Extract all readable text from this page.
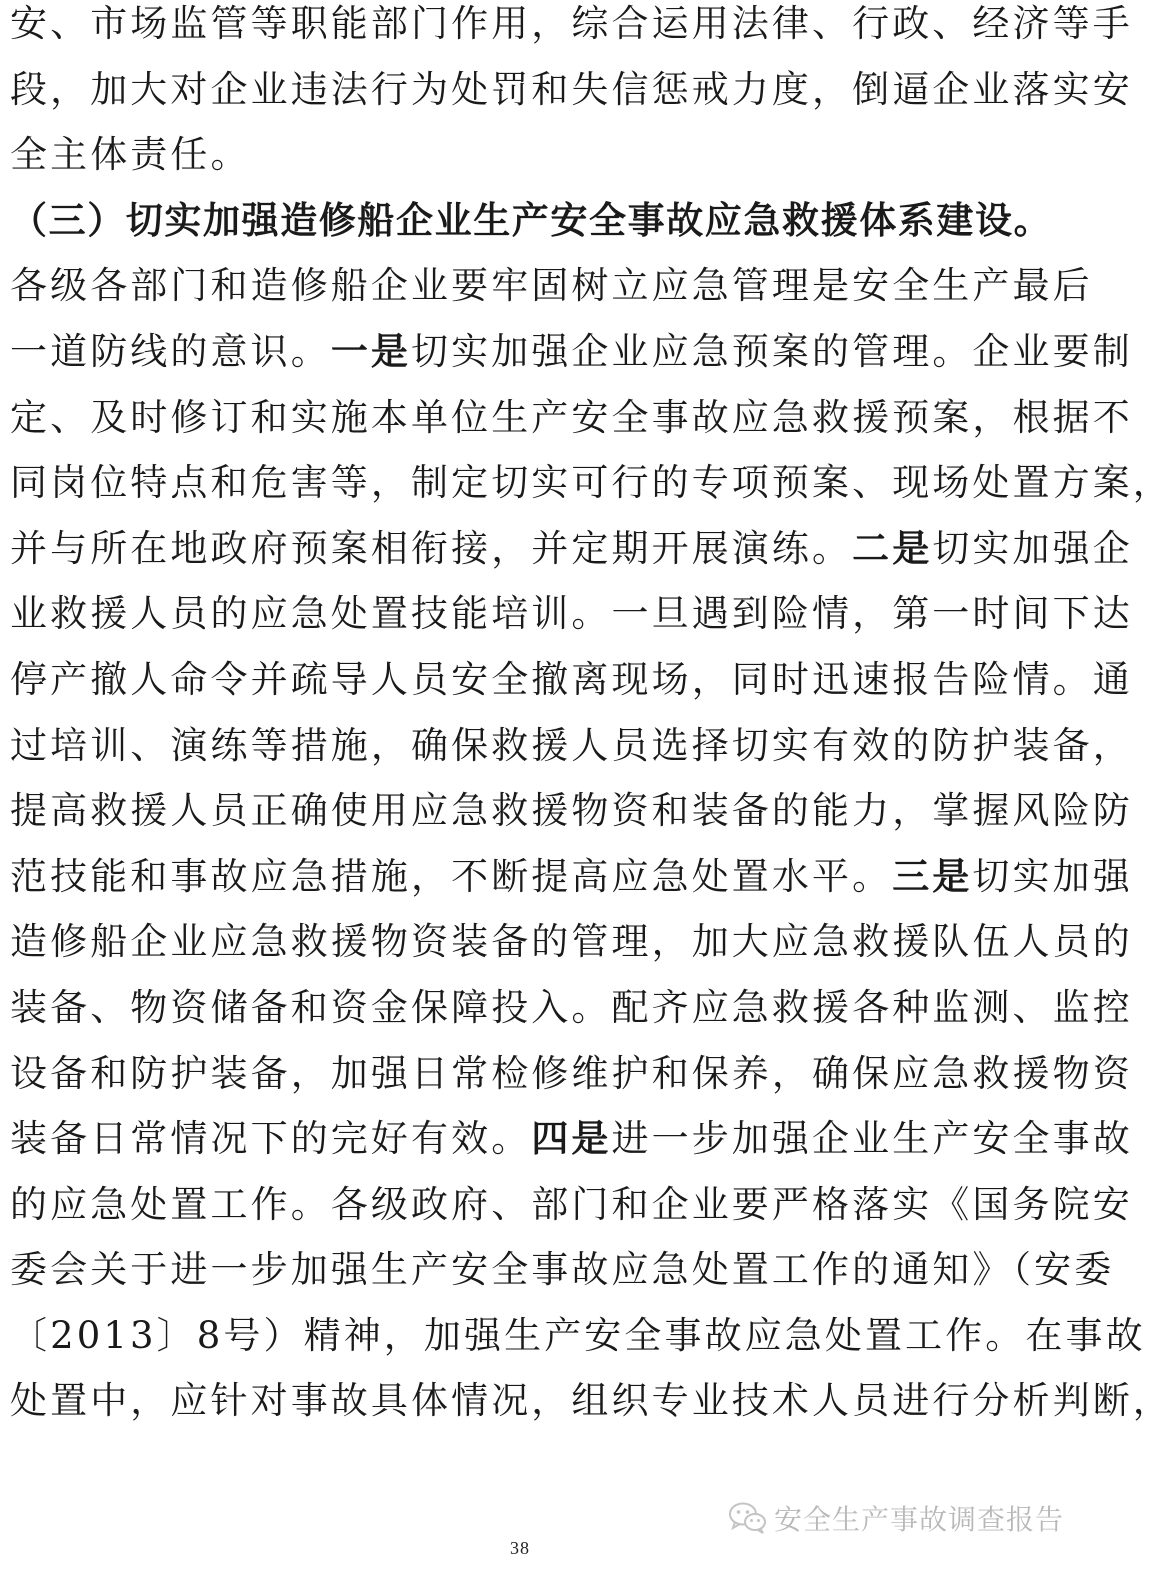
安、市场监管等职能部门作用，综合运用法律、行政、经济等手
段，加大对企业违法行为处罚和失信惩戒力度，倒逼企业落实安
全主体责任。
（三）切实加强造修船企业生产安全事故应急救援体系建设。
各级各部门和造修船企业要牢固树立应急管理是安全生产最后
一道防线的意识。一是切实加强企业应急预案的管理。企业要制
定、及时修订和实施本单位生产安全事故应急救援预案，根据不
同岗位特点和危害等，制定切实可行的专项预案、现场处置方案，
并与所在地政府预案相衔接，并定期开展演练。二是切实加强企
业救援人员的应急处置技能培训。一旦遇到险情，第一时间下达
停产撤人命令并疏导人员安全撤离现场，同时迅速报告险情。通
过培训、演练等措施，确保救援人员选择切实有效的防护装备，
提高救援人员正确使用应急救援物资和装备的能力，掌握风险防
范技能和事故应急措施，不断提高应急处置水平。三是切实加强
造修船企业应急救援物资装备的管理，加大应急救援队伍人员的
装备、物资储备和资金保障投入。配齐应急救援各种监测、监控
设备和防护装备，加强日常检修维护和保养，确保应急救援物资
装备日常情况下的完好有效。四是进一步加强企业生产安全事故
的应急处置工作。各级政府、部门和企业要严格落实《国务院安
委会关于进一步加强生产安全事故应急处置工作的通知》（安委
〔2013〕8号）精神，加强生产安全事故应急处置工作。在事故
处置中，应针对事故具体情况，组织专业技术人员进行分析判断，
安全生产事故调查报告
38
